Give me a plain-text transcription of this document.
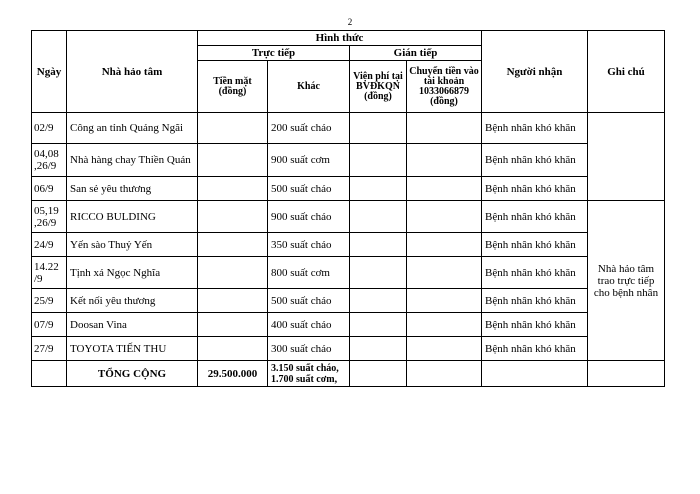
2
Ngày	Nhà hảo tâm	Hình thức				Người nhận	Ghi chú
		Trực tiếp		Gián tiếp			
		Tiền mặt (đồng)	Khác	Viện phí tại BVĐKQN (đồng)	Chuyển tiền vào tài khoản 1033066879 (đồng)		
02/9	Công an tỉnh Quảng Ngãi		200 suất cháo			Bệnh nhân khó khăn	
04,08 ,26/9	Nhà hàng chay Thiền Quán		900 suất cơm			Bệnh nhân khó khăn	
06/9	San sẻ yêu thương		500 suất cháo			Bệnh nhân khó khăn	
05,19 ,26/9	RICCO BULDING		900 suất cháo			Bệnh nhân khó khăn	Nhà hảo tâm trao trực tiếp cho bệnh nhân
24/9	Yến sào Thuỷ Yến		350 suất cháo			Bệnh nhân khó khăn	
14.22 /9	Tịnh xá Ngọc Nghĩa		800 suất cơm			Bệnh nhân khó khăn	
25/9	Kết nối yêu thương		500 suất cháo			Bệnh nhân khó khăn	
07/9	Doosan Vina		400 suất cháo			Bệnh nhân khó khăn	
27/9	TOYOTA TIẾN THU		300 suất cháo			Bệnh nhân khó khăn	
	TỔNG CỘNG	29.500.000	3.150 suất cháo, 1.700 suất cơm,				
